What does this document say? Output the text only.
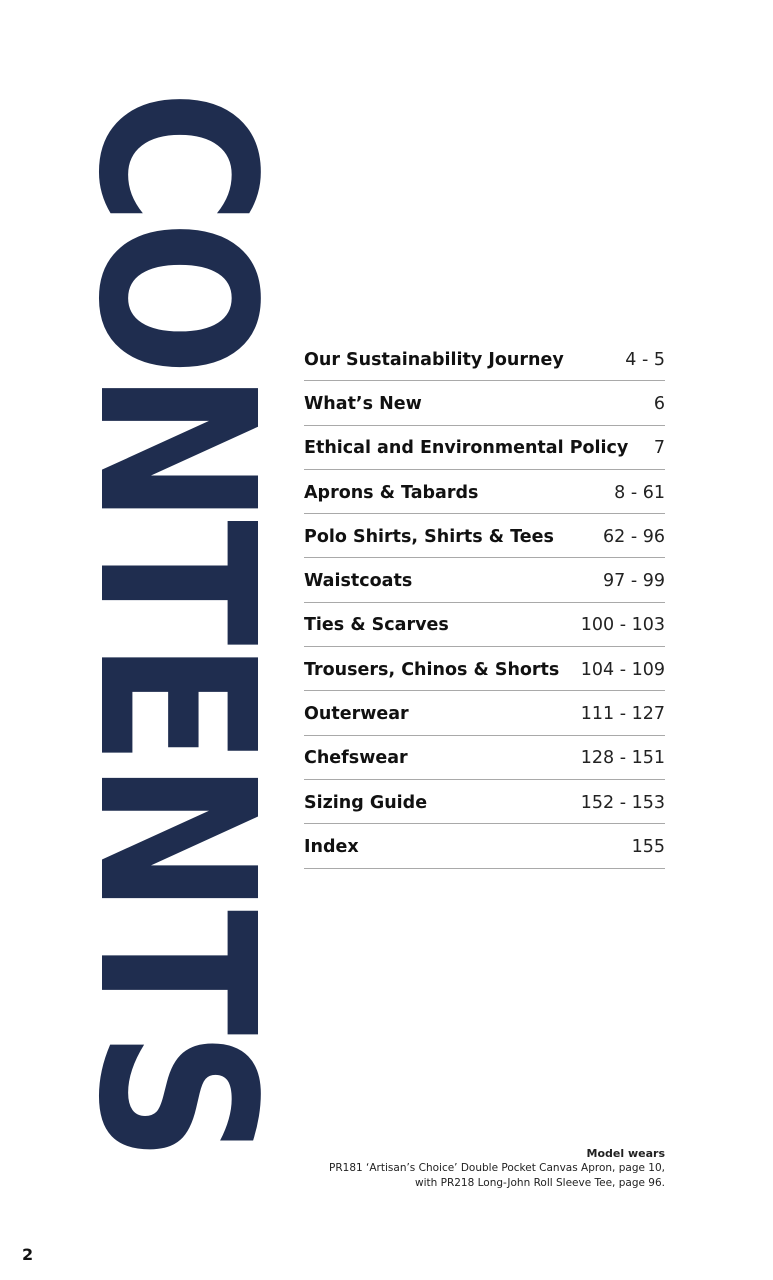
CONTENTS Our Sustainability Journey	4 - 5
What’s New	6
Ethical and Environmental Policy 7
Aprons & Tabards	8 - 61
Polo Shirts, Shirts & Tees	62 - 96
Waistcoats	97 - 99
Ties & Scarves	100 - 103
Trousers, Chinos & Shorts 104 - 109
Outerwear	111 - 127
Chefswear	128 - 151
Sizing Guide	152 - 153
Index	155
Model wears
PR181 ‘Artisan’s Choice’ Double Pocket Canvas Apron, page 10,
with PR218 Long-John Roll Sleeve Tee, page 96.
2
